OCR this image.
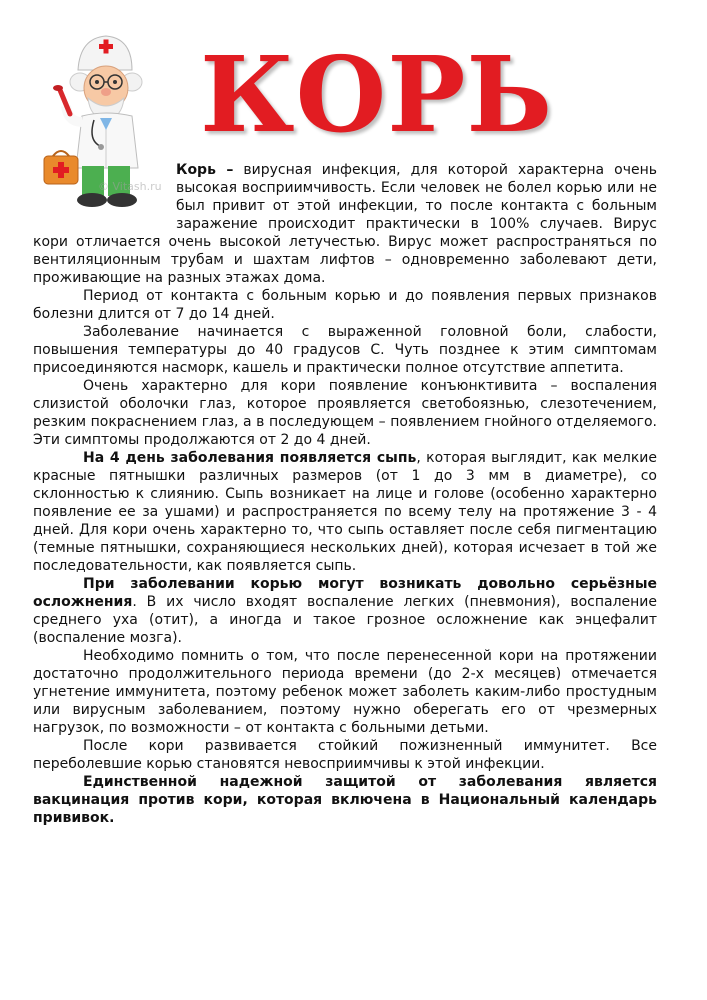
© Vitash.ru
КОРЬ

Корь – вирусная инфекция, для которой характерна очень высокая восприимчивость. Если человек не болел корью или не был привит от этой инфекции, то после контакта с больным заражение происходит практически в 100% случаев. Вирус кори отличается очень высокой летучестью. Вирус может распространяться по вентиляционным трубам и шахтам лифтов – одновременно заболевают дети, проживающие на разных этажах дома.

Период от контакта с больным корью и до появления первых признаков болезни длится от 7 до 14 дней.

Заболевание начинается с выраженной головной боли, слабости, повышения температуры до 40 градусов С. Чуть позднее к этим симптомам присоединяются насморк, кашель и практически полное отсутствие аппетита.

Очень характерно для кори появление конъюнктивита – воспаления слизистой оболочки глаз, которое проявляется светобоязнью, слезотечением, резким покраснением глаз, а в последующем – появлением гнойного отделяемого. Эти симптомы продолжаются от 2 до 4 дней.

На 4 день заболевания появляется сыпь, которая выглядит, как мелкие красные пятнышки различных размеров (от 1 до 3 мм в диаметре), со склонностью к слиянию. Сыпь возникает на лице и голове (особенно характерно появление ее за ушами) и распространяется по всему телу на протяжение 3 - 4 дней. Для кори очень характерно то, что сыпь оставляет после себя пигментацию (темные пятнышки, сохраняющиеся нескольких дней), которая исчезает в той же последовательности, как появляется сыпь.

При заболевании корью могут возникать довольно серьёзные осложнения. В их число входят воспаление легких (пневмония), воспаление среднего уха (отит), а иногда и такое грозное осложнение как энцефалит (воспаление мозга).

Необходимо помнить о том, что после перенесенной кори на протяжении достаточно продолжительного периода времени (до 2-х месяцев) отмечается угнетение иммунитета, поэтому ребенок может заболеть каким-либо простудным или вирусным заболеванием, поэтому нужно оберегать его от чрезмерных нагрузок, по возможности – от контакта с больными детьми.

После кори развивается стойкий пожизненный иммунитет. Все переболевшие корью становятся невосприимчивы к этой инфекции.

Единственной надежной защитой от заболевания является вакцинация против кори, которая включена в Национальный календарь прививок.
